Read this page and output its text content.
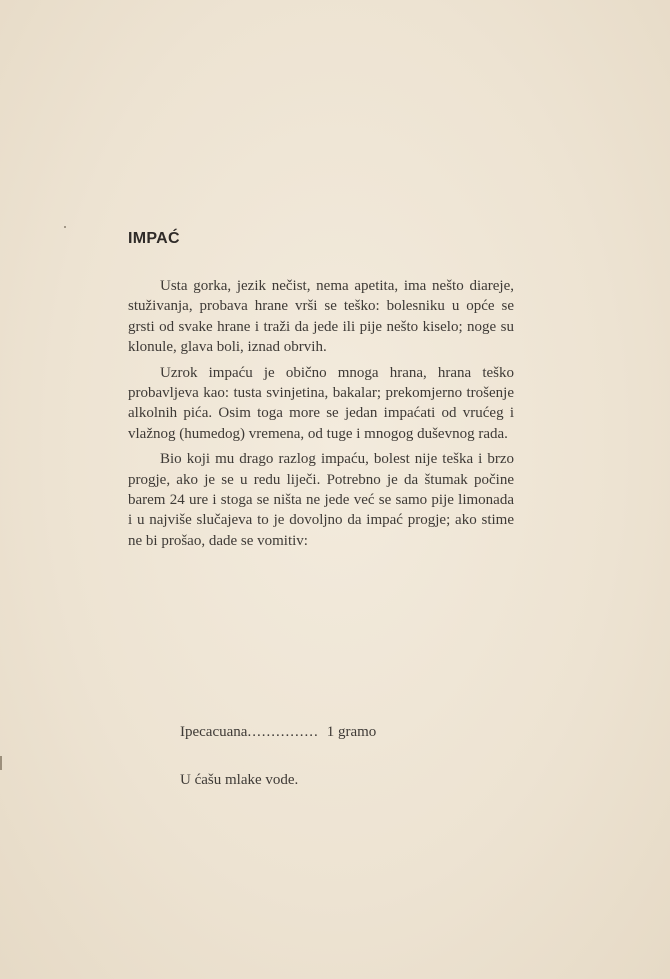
IMPAĆ

Usta gorka, jezik nečist, nema apetita, ima nešto diareje, stuživanja, probava hrane vrši se teško: bolesniku u opće se grsti od svake hrane i traži da jede ili pije nešto kiselo; noge su klonule, glava boli, iznad obrvih.

Uzrok impaću je obično mnoga hrana, hrana teško probavljeva kao: tusta svinjetina, bakalar; prekomjerno trošenje alkolnih pića. Osim toga more se jedan impaćati od vrućeg i vlažnog (humedog) vremena, od tuge i mnogog duševnog rada.

Bio koji mu drago razlog impaću, bolest nije teška i brzo progje, ako je se u redu liječi. Potrebno je da štumak počine barem 24 ure i stoga se ništa ne jede već se samo pije limonada i u najviše slučajeva to je dovoljno da impać progje; ako stime ne bi prošao, dade se vomitiv:

Ipecacuana............... 1 gramo
U ćašu mlake vode.
